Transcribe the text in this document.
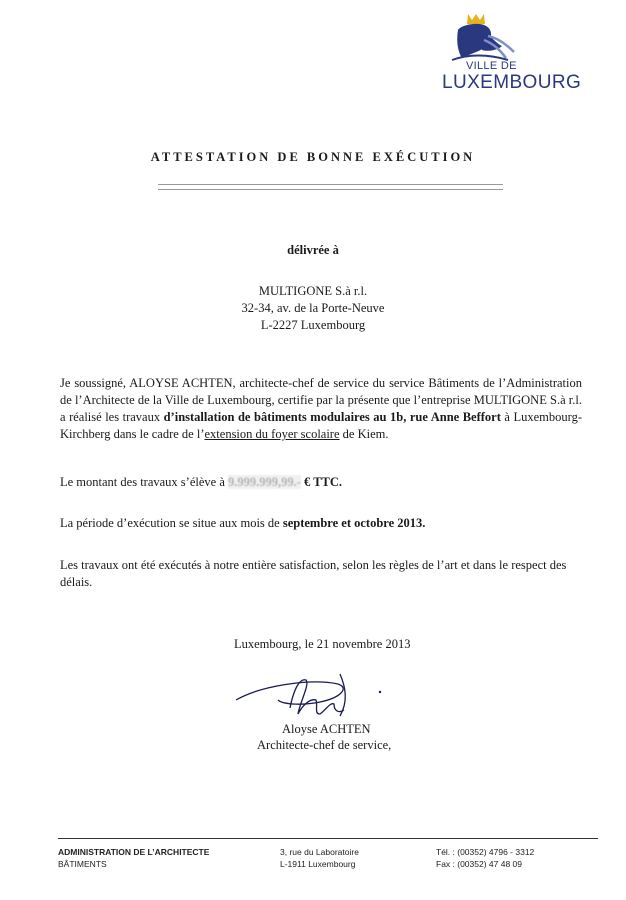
VILLE DE
LUXEMBOURG
ATTESTATION DE BONNE EXÉCUTION
délivrée à
MULTIGONE S.à r.l.
32-34, av. de la Porte-Neuve
L-2227 Luxembourg
Je soussigné, ALOYSE ACHTEN, architecte-chef de service du service Bâtiments de l’Administration de l’Architecte de la Ville de Luxembourg, certifie par la présente que l’entreprise MULTIGONE S.à r.l. a réalisé les travaux d’installation de bâtiments modulaires au 1b, rue Anne Beffort à Luxembourg-Kirchberg dans le cadre de l’extension du foyer scolaire de Kiem.
Le montant des travaux s’élève à 9.999.999,99.- € TTC.
La période d’exécution se situe aux mois de septembre et octobre 2013.
Les travaux ont été exécutés à notre entière satisfaction, selon les règles de l’art et dans le respect des délais.
Luxembourg, le 21 novembre 2013
Aloyse ACHTEN
Architecte-chef de service,
ADMINISTRATION DE L’ARCHITECTE
BÂTIMENTS
3, rue du Laboratoire
L-1911 Luxembourg
Tél. : (00352) 4796 - 3312
Fax : (00352) 47 48 09
